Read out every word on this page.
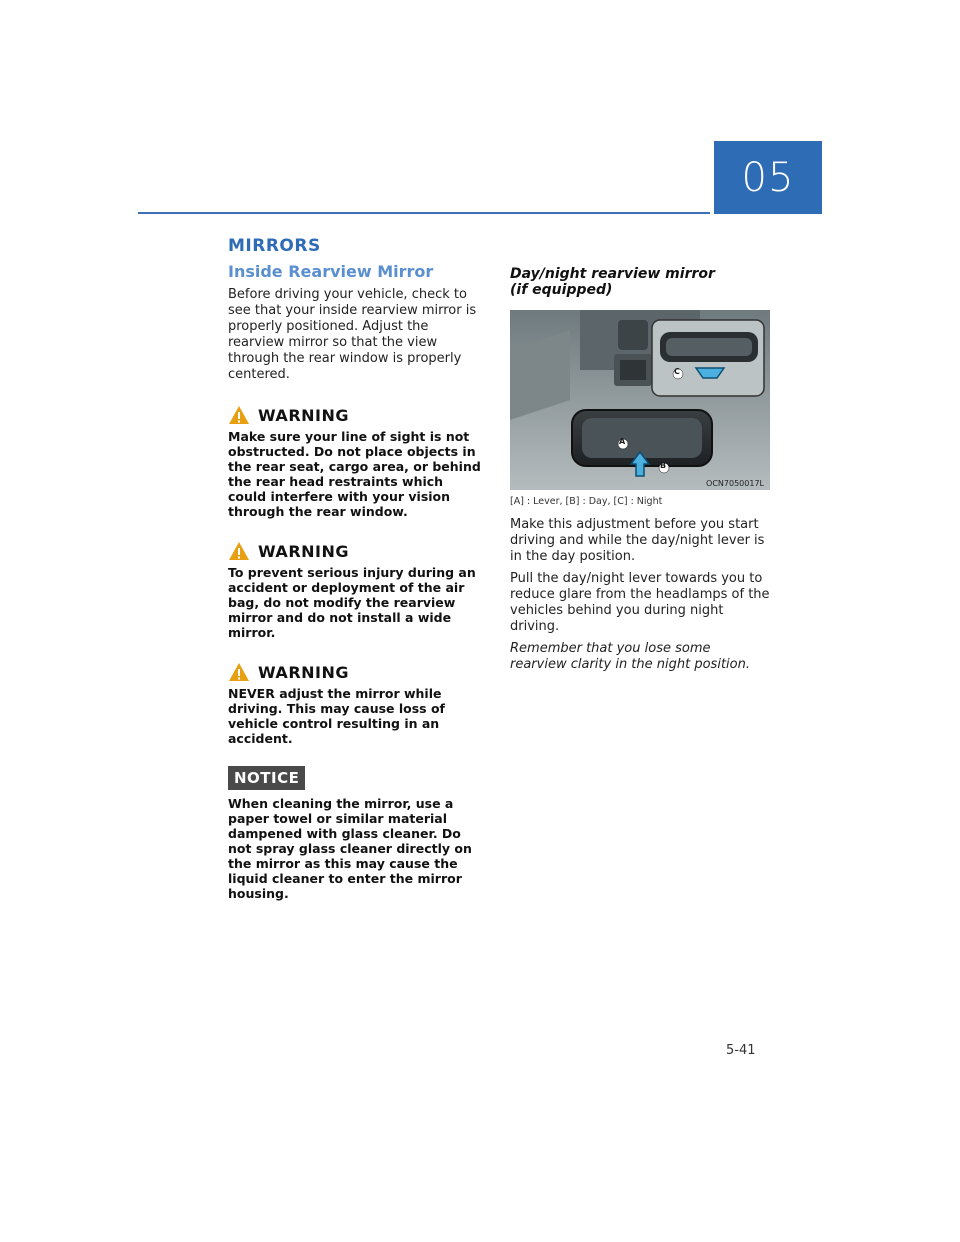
05
MIRRORS
Inside Rearview Mirror

Before driving your vehicle, check to see that your inside rearview mirror is properly positioned. Adjust the rearview mirror so that the view through the rear window is properly centered.

WARNING

Make sure your line of sight is not obstructed. Do not place objects in the rear seat, cargo area, or behind the rear head restraints which could interfere with your vision through the rear window.

WARNING

To prevent serious injury during an accident or deployment of the air bag, do not modify the rearview mirror and do not install a wide mirror.

WARNING

NEVER adjust the mirror while driving. This may cause loss of vehicle control resulting in an accident.

NOTICE

When cleaning the mirror, use a paper towel or similar material dampened with glass cleaner. Do not spray glass cleaner directly on the mirror as this may cause the liquid cleaner to enter the mirror housing.

Day/night rearview mirror
(if equipped)
A
B
C
OCN7050017L
[A] : Lever, [B] : Day, [C] : Night

Make this adjustment before you start driving and while the day/night lever is in the day position.

Pull the day/night lever towards you to reduce glare from the headlamps of the vehicles behind you during night driving.

Remember that you lose some rearview clarity in the night position.

5-41
